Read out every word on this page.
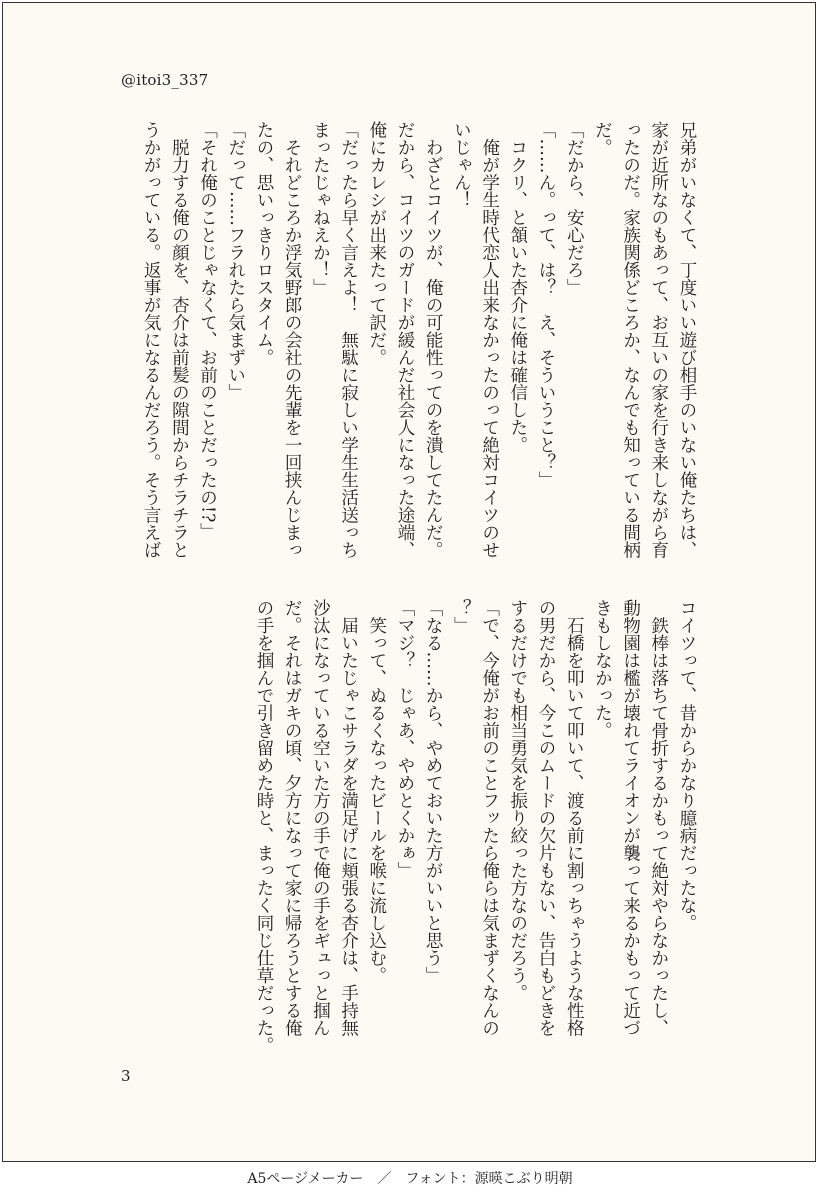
@itoi3_337

兄弟がいなくて、丁度いい遊び相手のいない俺たちは、

家が近所なのもあって、お互いの家を行き来しながら育

ったのだ。家族関係どころか、なんでも知っている間柄

だ。

「だから、安心だろ」

「……ん。って、は？　え、そういうこと？」

　コクリ、と頷いた杏介に俺は確信した。

　俺が学生時代恋人出来なかったのって絶対コイツのせ

いじゃん！

　わざとコイツが、俺の可能性ってのを潰してたんだ。

だから、コイツのガードが緩んだ社会人になった途端、

俺にカレシが出来たって訳だ。

「だったら早く言えよ！　無駄に寂しい学生生活送っち

まったじゃねえか！」

　それどころか浮気野郎の会社の先輩を一回挟んじまっ

たの、思いっきりロスタイム。

「だって……フラれたら気まずい」

「それ俺のことじゃなくて、お前のことだったの!?」

　脱力する俺の顔を、杏介は前髪の隙間からチラチラと

うかがっている。返事が気になるんだろう。そう言えば

コイツって、昔からかなり臆病だったな。

　鉄棒は落ちて骨折するかもって絶対やらなかったし、

動物園は檻が壊れてライオンが襲って来るかもって近づ

きもしなかった。

　石橋を叩いて叩いて、渡る前に割っちゃうような性格

の男だから、今このムードの欠片もない、告白もどきを

するだけでも相当勇気を振り絞った方なのだろう。

「で、今俺がお前のことフッたら俺らは気まずくなんの

？」

「なる……から、やめておいた方がいいと思う」

「マジ？　じゃあ、やめとくかぁ」

　笑って、ぬるくなったビールを喉に流し込む。

　届いたじゃこサラダを満足げに頬張る杏介は、手持無

沙汰になっている空いた方の手で俺の手をギュっと掴ん

だ。それはガキの頃、夕方になって家に帰ろうとする俺

の手を掴んで引き留めた時と、まったく同じ仕草だった。

3
A5ページメーカー　／　フォント：源暎こぶり明朝
